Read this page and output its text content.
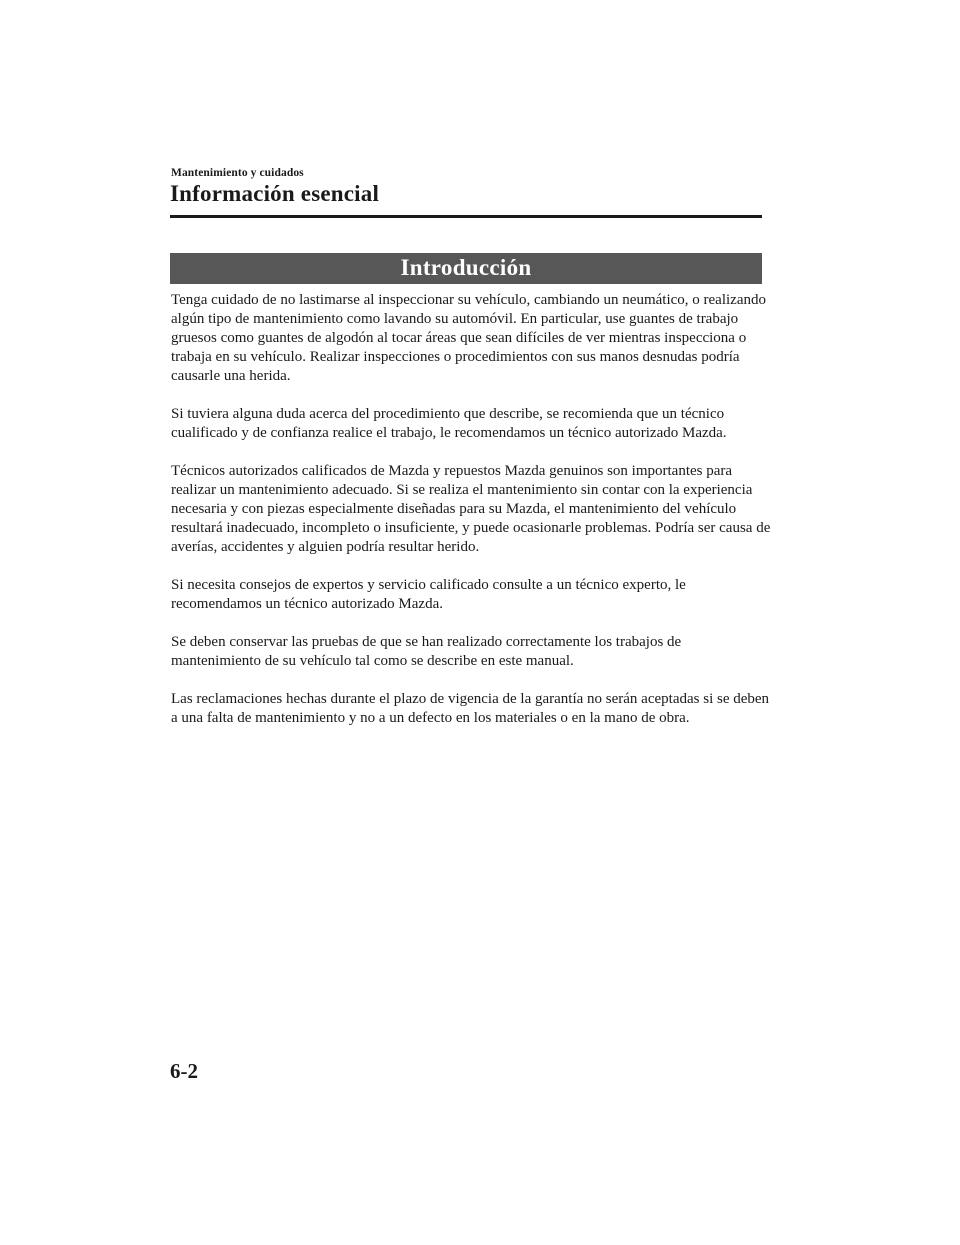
Mantenimiento y cuidados
Información esencial
Introducción

Tenga cuidado de no lastimarse al inspeccionar su vehículo, cambiando un neumático, o realizando algún tipo de mantenimiento como lavando su automóvil. En particular, use guantes de trabajo gruesos como guantes de algodón al tocar áreas que sean difíciles de ver mientras inspecciona o trabaja en su vehículo. Realizar inspecciones o procedimientos con sus manos desnudas podría causarle una herida.

Si tuviera alguna duda acerca del procedimiento que describe, se recomienda que un técnico cualificado y de confianza realice el trabajo, le recomendamos un técnico autorizado Mazda.

Técnicos autorizados calificados de Mazda y repuestos Mazda genuinos son importantes para realizar un mantenimiento adecuado. Si se realiza el mantenimiento sin contar con la experiencia necesaria y con piezas especialmente diseñadas para su Mazda, el mantenimiento del vehículo resultará inadecuado, incompleto o insuficiente, y puede ocasionarle problemas. Podría ser causa de averías, accidentes y alguien podría resultar herido.

Si necesita consejos de expertos y servicio calificado consulte a un técnico experto, le recomendamos un técnico autorizado Mazda.

Se deben conservar las pruebas de que se han realizado correctamente los trabajos de mantenimiento de su vehículo tal como se describe en este manual.

Las reclamaciones hechas durante el plazo de vigencia de la garantía no serán aceptadas si se deben a una falta de mantenimiento y no a un defecto en los materiales o en la mano de obra.

6-2
